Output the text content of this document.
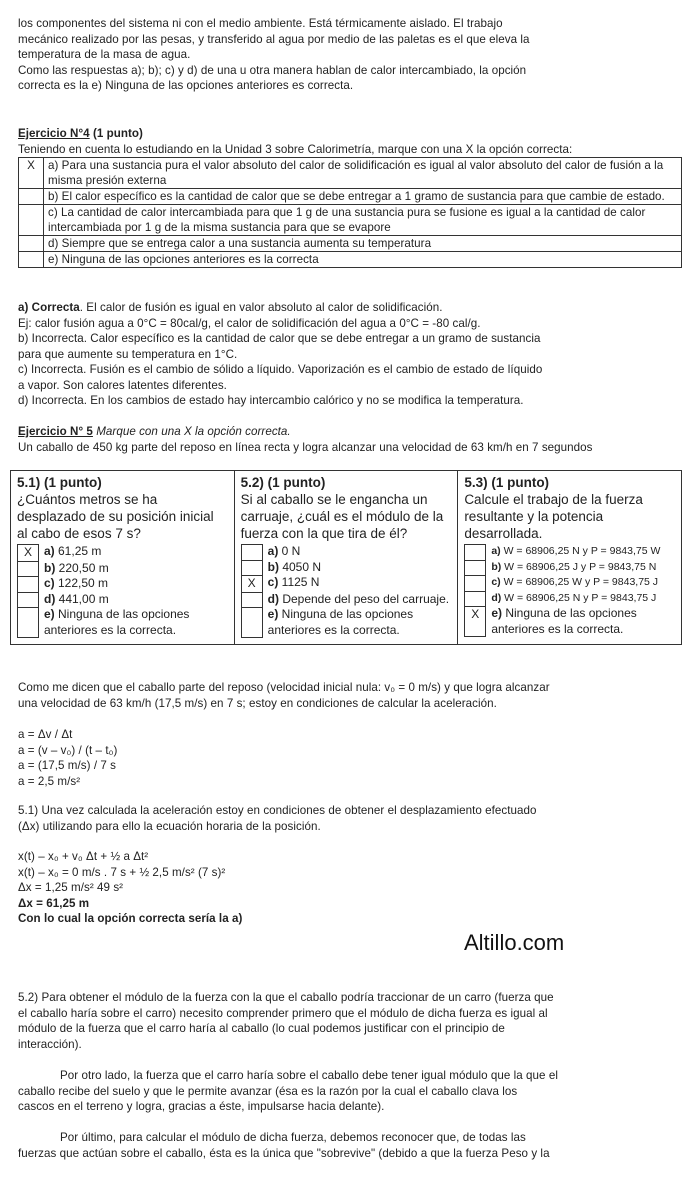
los componentes del sistema ni con el medio ambiente. Está térmicamente aislado. El trabajo

mecánico realizado por las pesas, y transferido al agua por medio de las paletas es el que eleva la

temperatura de la masa de agua.

Como las respuestas a); b); c) y d) de una u otra manera hablan de calor intercambiado, la opción

correcta es la e) Ninguna de las opciones anteriores es correcta.

Ejercicio N°4 (1 punto)

Teniendo en cuenta lo estudiando en la Unidad 3 sobre Calorimetría, marque con una X la opción correcta:

X	a) Para una sustancia pura el valor absoluto del calor de solidificación es igual al valor absoluto del calor de fusión a la misma presión externa
	b) El calor específico es la cantidad de calor que se debe entregar a 1 gramo de sustancia para que cambie de estado.
	c) La cantidad de calor intercambiada para que 1 g de una sustancia pura se fusione es igual a la cantidad de calor intercambiada por 1 g de la misma sustancia para que se evapore
	d) Siempre que se entrega calor a una sustancia aumenta su temperatura
	e) Ninguna de las opciones anteriores es la correcta

a) Correcta. El calor de fusión es igual en valor absoluto al calor de solidificación.

Ej: calor fusión agua a 0°C = 80cal/g, el calor de solidificación del agua a 0°C = -80 cal/g.

b) Incorrecta. Calor específico es la cantidad de calor que se debe entregar a un gramo de sustancia

para que aumente su temperatura en 1°C.

c) Incorrecta. Fusión es el cambio de sólido a líquido. Vaporización es el cambio de estado de líquido

a vapor. Son calores latentes diferentes.

d) Incorrecta. En los cambios de estado hay intercambio calórico y no se modifica la temperatura.

Ejercicio N° 5 Marque con una X la opción correcta.

Un caballo de 450 kg parte del reposo en línea recta y logra alcanzar una velocidad de 63 km/h en 7 segundos

5.1) (1 punto)
¿Cuántos metros se ha desplazado de su posición inicial al cabo de esos 7 s?
X	a) 61,25 m
b) 220,50 m
c) 122,50 m
d) 441,00 m
e) Ninguna de las opciones anteriores es la correcta.

5.2) (1 punto)
Si al caballo se le engancha un carruaje, ¿cuál es el módulo de la fuerza con la que tira de él?
a) 0 N
b) 4050 N
X	c) 1125 N
d) Depende del peso del carruaje.
e) Ninguna de las opciones anteriores es la correcta.

5.3) (1 punto)
Calcule el trabajo de la fuerza resultante y la potencia desarrollada.
a) W = 68906,25 N y P = 9843,75 W
b) W = 68906,25 J y P = 9843,75 N
c) W = 68906,25 W y P = 9843,75 J
d) W = 68906,25 N y P = 9843,75 J
X	e) Ninguna de las opciones anteriores es la correcta.

Como me dicen que el caballo parte del reposo (velocidad inicial nula: v₀ = 0 m/s) y que logra alcanzar

una velocidad de 63 km/h (17,5 m/s) en 7 s; estoy en condiciones de calcular la aceleración.

a = Δv / Δt

a = (v – v₀) / (t – t₀)

a = (17,5 m/s) / 7 s

a = 2,5 m/s²

5.1) Una vez calculada la aceleración estoy en condiciones de obtener el desplazamiento efectuado

(Δx) utilizando para ello la ecuación horaria de la posición.

x(t) – x₀ + v₀ Δt + ½ a Δt²

x(t) – x₀ = 0 m/s . 7 s + ½ 2,5 m/s² (7 s)²

Δx = 1,25 m/s² 49 s²

Δx = 61,25 m

Con lo cual la opción correcta sería la a)

Altillo.com

5.2) Para obtener el módulo de la fuerza con la que el caballo podría traccionar de un carro (fuerza que

el caballo haría sobre el carro) necesito comprender primero que el módulo de dicha fuerza es igual al

módulo de la fuerza que el carro haría al caballo (lo cual podemos justificar con el principio de

interacción).

Por otro lado, la fuerza que el carro haría sobre el caballo debe tener igual módulo que la que el

caballo recibe del suelo y que le permite avanzar (ésa es la razón por la cual el caballo clava los

cascos en el terreno y logra, gracias a éste, impulsarse hacia delante).

Por último, para calcular el módulo de dicha fuerza, debemos reconocer que, de todas las

fuerzas que actúan sobre el caballo, ésta es la única que "sobrevive" (debido a que la fuerza Peso y la
